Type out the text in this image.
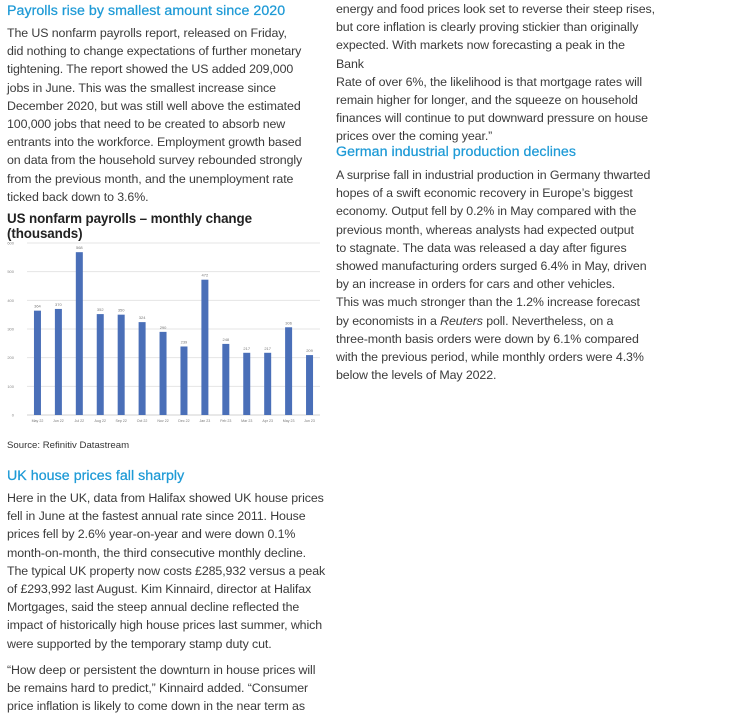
Payrolls rise by smallest amount since 2020

The US nonfarm payrolls report, released on Friday,

did nothing to change expectations of further monetary

tightening. The report showed the US added 209,000

jobs in June. This was the smallest increase since

December 2020, but was still well above the estimated

100,000 jobs that need to be created to absorb new

entrants into the workforce. Employment growth based

on data from the household survey rebounded strongly

from the previous month, and the unemployment rate

ticked back down to 3.6%.

US nonfarm payrolls – monthly change (thousands)
0
100
200
300
400
500
600
364
May 22
370
Jun 22
568
Jul 22
352
Aug 22
350
Sep 22
324
Oct 22
290
Nov 22
239
Dec 22
472
Jan 23
248
Feb 23
217
Mar 23
217
Apr 23
306
May 23
209
Jun 23
Source: Refinitiv Datastream
UK house prices fall sharply

Here in the UK, data from Halifax showed UK house prices

fell in June at the fastest annual rate since 2011. House

prices fell by 2.6% year-on-year and were down 0.1%

month-on-month, the third consecutive monthly decline.

The typical UK property now costs £285,932 versus a peak

of £293,992 last August. Kim Kinnaird, director at Halifax

Mortgages, said the steep annual decline reflected the

impact of historically high house prices last summer, which

were supported by the temporary stamp duty cut.

“How deep or persistent the downturn in house prices will

be remains hard to predict,” Kinnaird added. “Consumer

price inflation is likely to come down in the near term as

energy and food prices look set to reverse their steep rises,

but core inflation is clearly proving stickier than originally

expected. With markets now forecasting a peak in the Bank

Rate of over 6%, the likelihood is that mortgage rates will

remain higher for longer, and the squeeze on household

finances will continue to put downward pressure on house

prices over the coming year.”

German industrial production declines

A surprise fall in industrial production in Germany thwarted

hopes of a swift economic recovery in Europe’s biggest

economy. Output fell by 0.2% in May compared with the

previous month, whereas analysts had expected output

to stagnate. The data was released a day after figures

showed manufacturing orders surged 6.4% in May, driven

by an increase in orders for cars and other vehicles.

This was much stronger than the 1.2% increase forecast

by economists in a Reuters poll. Nevertheless, on a

three-month basis orders were down by 6.1% compared

with the previous period, while monthly orders were 4.3%

below the levels of May 2022.
